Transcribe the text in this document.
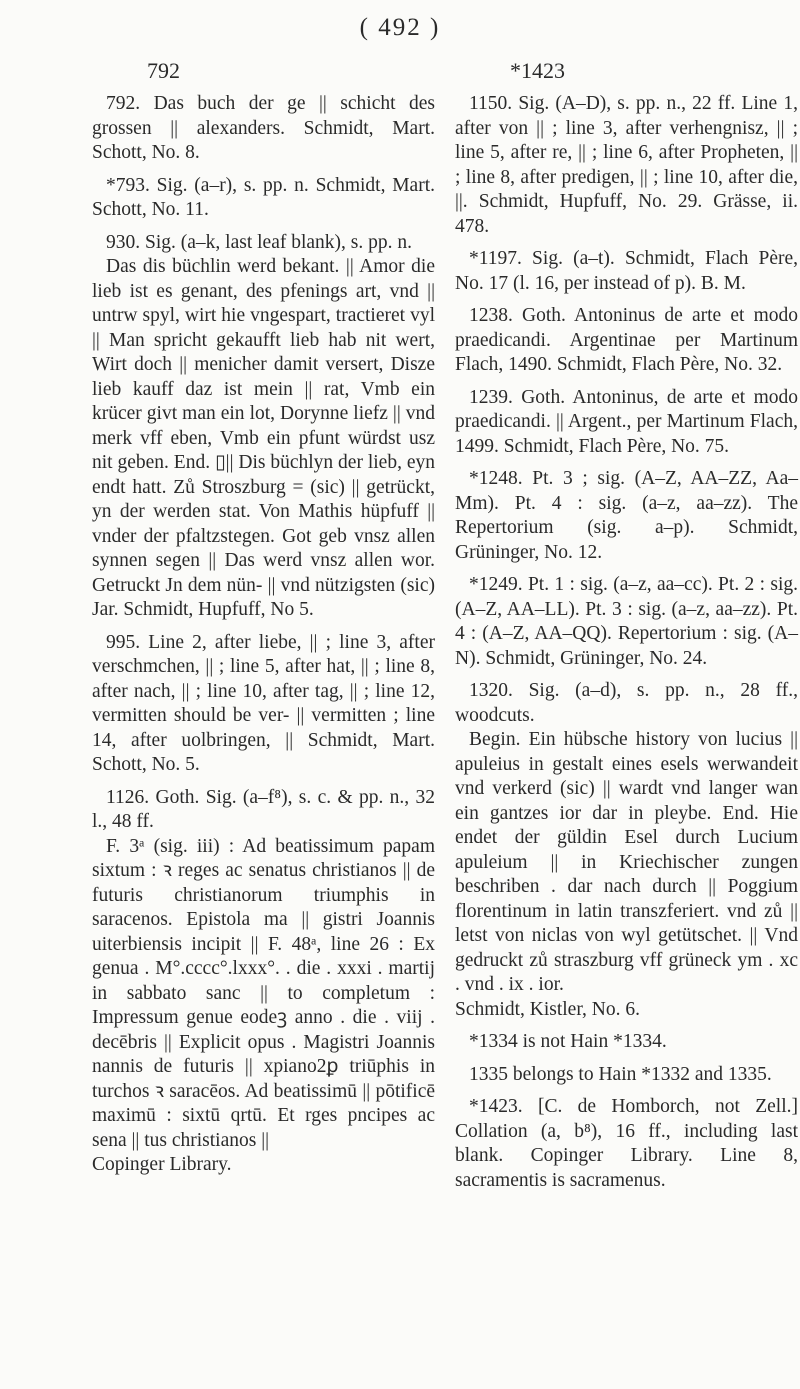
( 492 )
792

792. Das buch der ge || schicht des grossen || alexanders. Schmidt, Mart. Schott, No. 8.

*793. Sig. (a–r), s. pp. n. Schmidt, Mart. Schott, No. 11.

930. Sig. (a–k, last leaf blank), s. pp. n.

Das dis büchlin werd bekant. || Amor die lieb ist es genant, des pfenings art, vnd || untrw spyl, wirt hie vngespart, tractieret vyl || Man spricht gekaufft lieb hab nit wert, Wirt doch || menicher damit versert, Disze lieb kauff daz ist mein || rat, Vmb ein krücer givt man ein lot, Dorynne liefz || vnd merk vff eben, Vmb ein pfunt würdst usz nit geben. End. ▯|| Dis büchlyn der lieb, eyn endt hatt. Zů Stroszburg = (sic) || getrückt, yn der werden stat. Von Mathis hüpfuff || vnder der pfaltzstegen. Got geb vnsz allen synnen segen || Das werd vnsz allen wor. Getruckt Jn dem nün- || vnd nützigsten (sic) Jar. Schmidt, Hupfuff, No 5.

995. Line 2, after liebe, || ; line 3, after verschmchen, || ; line 5, after hat, || ; line 8, after nach, || ; line 10, after tag, || ; line 12, vermitten should be ver- || vermitten ; line 14, after uolbringen, || Schmidt, Mart. Schott, No. 5.

1126. Goth. Sig. (a–f⁸), s. c. & pp. n., 32 l., 48 ff.

F. 3ᵃ (sig. iii) : Ad beatissimum papam sixtum : ꝛ reges ac senatus christianos || de futuris christianorum triumphis in saracenos. Epistola ma || gistri Joannis uiterbiensis incipit || F. 48ᵃ, line 26 : Ex genua . M°.cccc°.lxxx°. . die . xxxi . martij in sabbato sanc || to completum : Impressum genue eodeꝫ anno . die . viij . decēbris || Explicit opus . Magistri Joannis nannis de futuris || xpiano2ꝑ triūphis in turchos ꝛ saracēos. Ad beatissimū || pōtificē maximū : sixtū qrtū. Et rges pncipes ac sena || tus christianos ||

Copinger Library.

*1423

1150. Sig. (A–D), s. pp. n., 22 ff. Line 1, after von || ; line 3, after verhengnisz, || ; line 5, after re, || ; line 6, after Propheten, || ; line 8, after predigen, || ; line 10, after die, ||. Schmidt, Hupfuff, No. 29. Grässe, ii. 478.

*1197. Sig. (a–t). Schmidt, Flach Père, No. 17 (l. 16, per instead of p). B. M.

1238. Goth. Antoninus de arte et modo praedicandi. Argentinae per Martinum Flach, 1490. Schmidt, Flach Père, No. 32.

1239. Goth. Antoninus, de arte et modo praedicandi. || Argent., per Martinum Flach, 1499. Schmidt, Flach Père, No. 75.

*1248. Pt. 3 ; sig. (A–Z, AA–ZZ, Aa–Mm). Pt. 4 : sig. (a–z, aa–zz). The Repertorium (sig. a–p). Schmidt, Grüninger, No. 12.

*1249. Pt. 1 : sig. (a–z, aa–cc). Pt. 2 : sig. (A–Z, AA–LL). Pt. 3 : sig. (a–z, aa–zz). Pt. 4 : (A–Z, AA–QQ). Repertorium : sig. (A–N). Schmidt, Grüninger, No. 24.

1320. Sig. (a–d), s. pp. n., 28 ff., woodcuts.

Begin. Ein hübsche history von lucius || apuleius in gestalt eines esels werwandeit vnd verkerd (sic) || wardt vnd langer wan ein gantzes ior dar in pleybe. End. Hie endet der güldin Esel durch Lucium apuleium || in Kriechischer zungen beschriben . dar nach durch || Poggium florentinum in latin transzferiert. vnd zů || letst von niclas von wyl getütschet. || Vnd gedruckt zů straszburg vff grüneck ym . xc . vnd . ix . ior.

Schmidt, Kistler, No. 6.

*1334 is not Hain *1334.

1335 belongs to Hain *1332 and 1335.

*1423. [C. de Homborch, not Zell.] Collation (a, b⁸), 16 ff., including last blank. Copinger Library. Line 8, sacramentis is sacramenus.
